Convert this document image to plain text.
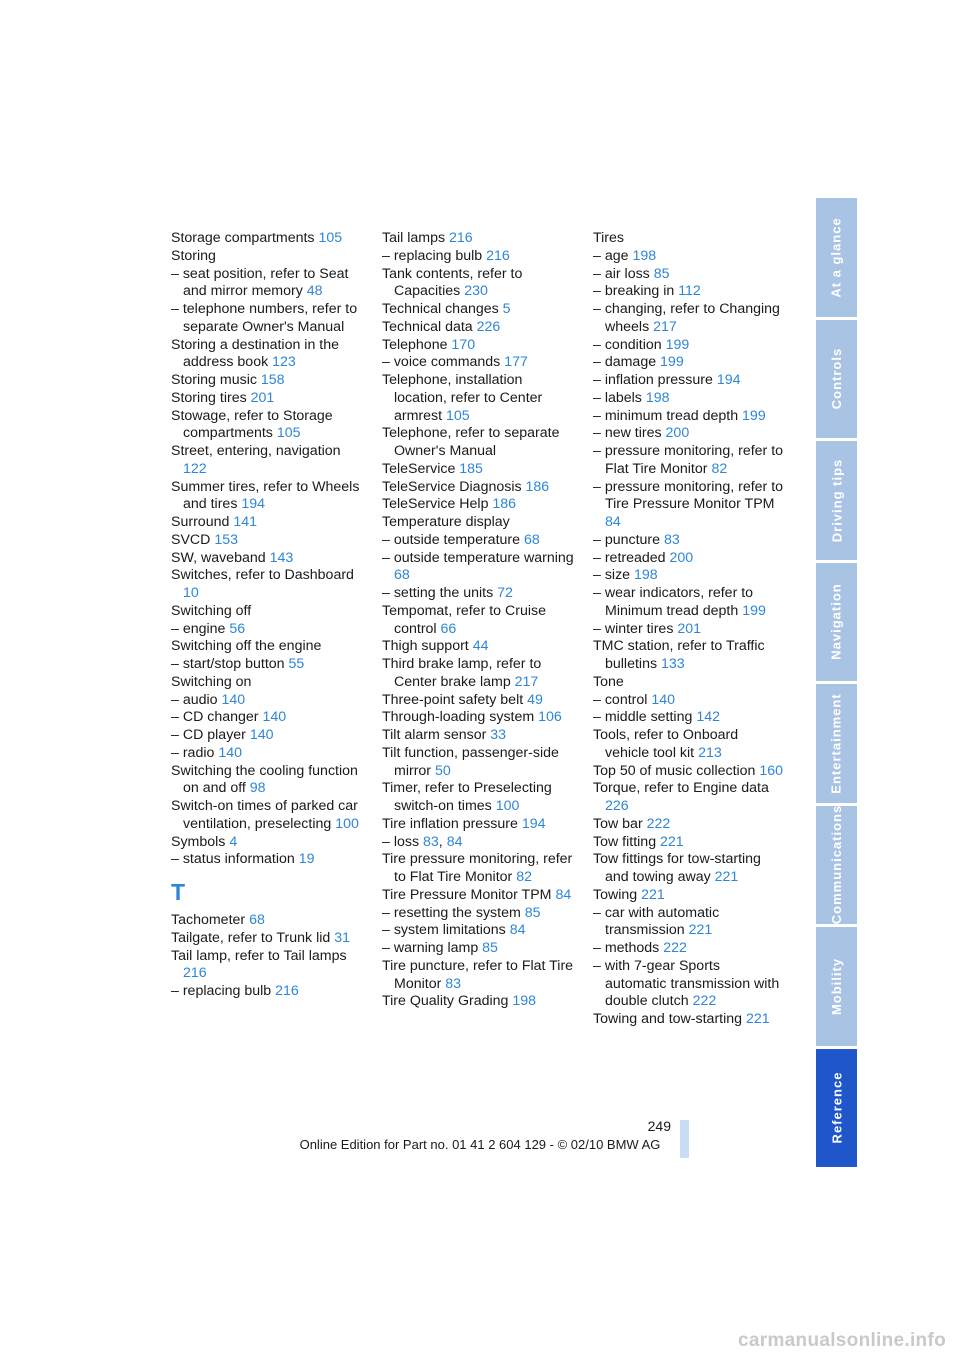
Storage compartments 105
Storing
– seat position, refer to Seat and mirror memory 48
– telephone numbers, refer to separate Owner's Manual
Storing a destination in the address book 123
Storing music 158
Storing tires 201
Stowage, refer to Storage compartments 105
Street, entering, navigation 122
Summer tires, refer to Wheels and tires 194
Surround 141
SVCD 153
SW, waveband 143
Switches, refer to Dashboard 10
Switching off
– engine 56
Switching off the engine
– start/stop button 55
Switching on
– audio 140
– CD changer 140
– CD player 140
– radio 140
Switching the cooling function on and off 98
Switch-on times of parked car ventilation, preselecting 100
Symbols 4
– status information 19
T
Tachometer 68
Tailgate, refer to Trunk lid 31
Tail lamp, refer to Tail lamps 216
– replacing bulb 216
Tail lamps 216
– replacing bulb 216
Tank contents, refer to Capacities 230
Technical changes 5
Technical data 226
Telephone 170
– voice commands 177
Telephone, installation location, refer to Center armrest 105
Telephone, refer to separate Owner's Manual
TeleService 185
TeleService Diagnosis 186
TeleService Help 186
Temperature display
– outside temperature 68
– outside temperature warning 68
– setting the units 72
Tempomat, refer to Cruise control 66
Thigh support 44
Third brake lamp, refer to Center brake lamp 217
Three-point safety belt 49
Through-loading system 106
Tilt alarm sensor 33
Tilt function, passenger-side mirror 50
Timer, refer to Preselecting switch-on times 100
Tire inflation pressure 194
– loss 83, 84
Tire pressure monitoring, refer to Flat Tire Monitor 82
Tire Pressure Monitor TPM 84
– resetting the system 85
– system limitations 84
– warning lamp 85
Tire puncture, refer to Flat Tire Monitor 83
Tire Quality Grading 198
Tires
– age 198
– air loss 85
– breaking in 112
– changing, refer to Changing wheels 217
– condition 199
– damage 199
– inflation pressure 194
– labels 198
– minimum tread depth 199
– new tires 200
– pressure monitoring, refer to Flat Tire Monitor 82
– pressure monitoring, refer to Tire Pressure Monitor TPM 84
– puncture 83
– retreaded 200
– size 198
– wear indicators, refer to Minimum tread depth 199
– winter tires 201
TMC station, refer to Traffic bulletins 133
Tone
– control 140
– middle setting 142
Tools, refer to Onboard vehicle tool kit 213
Top 50 of music collection 160
Torque, refer to Engine data 226
Tow bar 222
Tow fitting 221
Tow fittings for tow-starting and towing away 221
Towing 221
– car with automatic transmission 221
– methods 222
– with 7-gear Sports automatic transmission with double clutch 222
Towing and tow-starting 221
At a glance
Controls
Driving tips
Navigation
Entertainment
Communications
Mobility
Reference
249
Online Edition for Part no. 01 41 2 604 129 - © 02/10 BMW AG
carmanualsonline.info
